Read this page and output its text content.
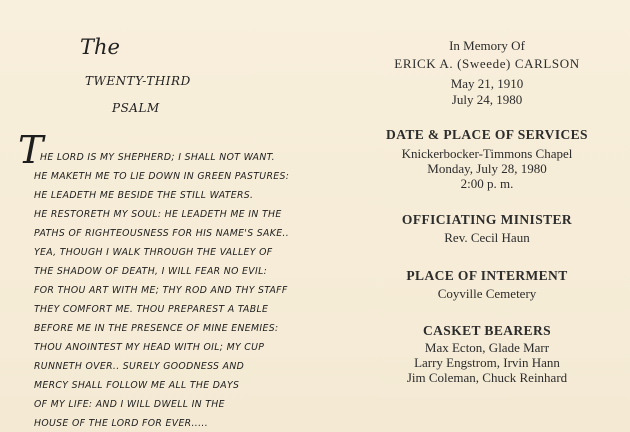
The
TWENTY-THIRD
PSALM
T
HE LORD IS MY SHEPHERD; I SHALL NOT WANT.
HE MAKETH ME TO LIE DOWN IN GREEN PASTURES:
HE LEADETH ME BESIDE THE STILL WATERS.
HE RESTORETH MY SOUL: HE LEADETH ME IN THE
PATHS OF RIGHTEOUSNESS FOR HIS NAME'S SAKE..
YEA, THOUGH I WALK THROUGH THE VALLEY OF
THE SHADOW OF DEATH, I WILL FEAR NO EVIL:
FOR THOU ART WITH ME; THY ROD AND THY STAFF
THEY COMFORT ME. THOU PREPAREST A TABLE
BEFORE ME IN THE PRESENCE OF MINE ENEMIES:
THOU ANOINTEST MY HEAD WITH OIL; MY CUP
RUNNETH OVER.. SURELY GOODNESS AND
MERCY SHALL FOLLOW ME ALL THE DAYS
OF MY LIFE: AND I WILL DWELL IN THE
HOUSE OF THE LORD FOR EVER.....
In Memory Of
ERICK A. (Sweede) CARLSON
May 21, 1910
July 24, 1980
DATE & PLACE OF SERVICES
Knickerbocker-Timmons Chapel
Monday, July 28, 1980
2:00 p. m.
OFFICIATING MINISTER
Rev. Cecil Haun
PLACE OF INTERMENT
Coyville Cemetery
CASKET BEARERS
Max Ecton, Glade Marr
Larry Engstrom, Irvin Hann
Jim Coleman, Chuck Reinhard
